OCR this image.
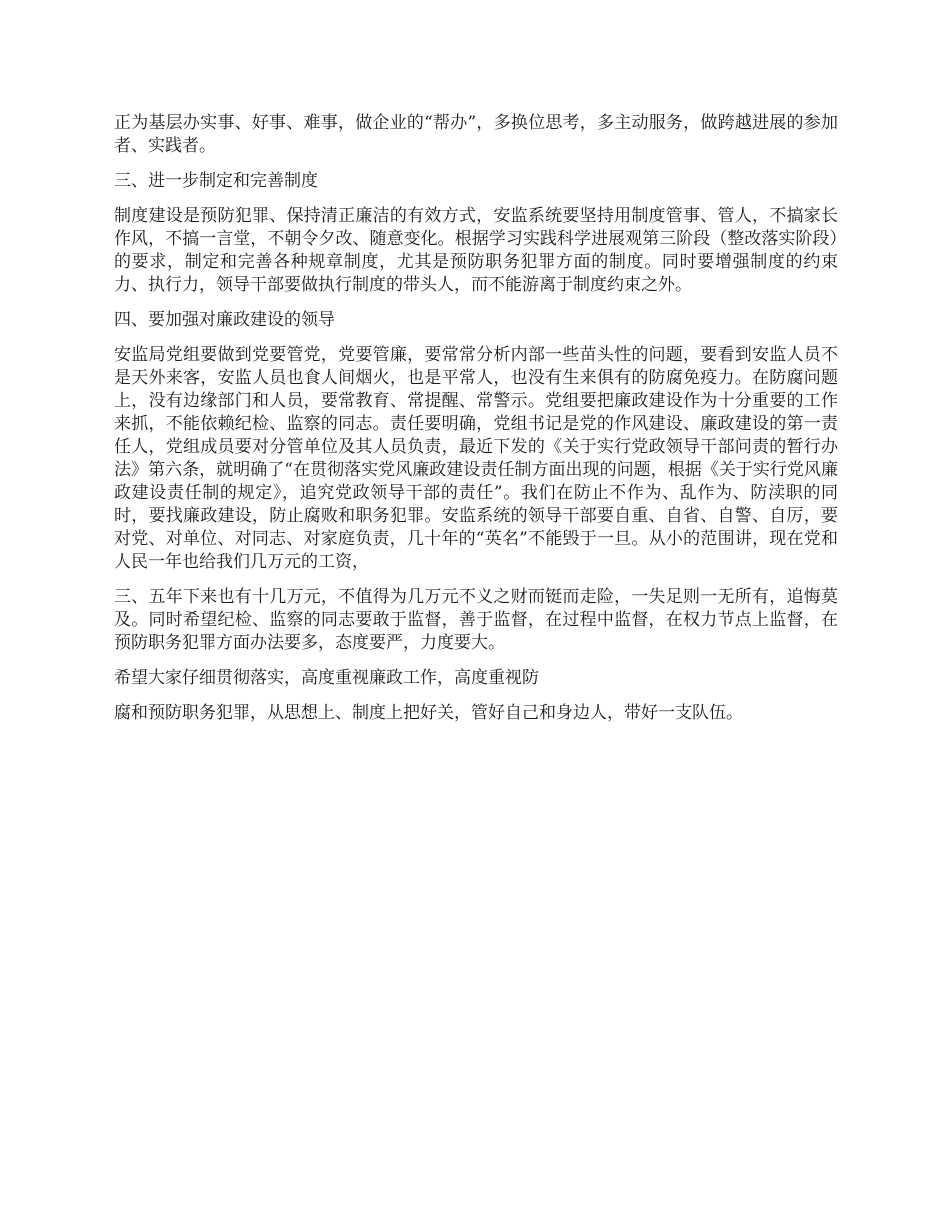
正为基层办实事、好事、难事，做企业的“帮办”，多换位思考，多主动服务，做跨越进展的参加者、实践者。

三、进一步制定和完善制度

制度建设是预防犯罪、保持清正廉洁的有效方式，安监系统要坚持用制度管事、管人，不搞家长作风，不搞一言堂，不朝令夕改、随意变化。根据学习实践科学进展观第三阶段（整改落实阶段）的要求，制定和完善各种规章制度，尤其是预防职务犯罪方面的制度。同时要增强制度的约束力、执行力，领导干部要做执行制度的带头人，而不能游离于制度约束之外。

四、要加强对廉政建设的领导

安监局党组要做到党要管党，党要管廉，要常常分析内部一些苗头性的问题，要看到安监人员不是天外来客，安监人员也食人间烟火，也是平常人，也没有生来俱有的防腐免疫力。在防腐问题上，没有边缘部门和人员，要常教育、常提醒、常警示。党组要把廉政建设作为十分重要的工作来抓，不能依赖纪检、监察的同志。责任要明确，党组书记是党的作风建设、廉政建设的第一责任人，党组成员要对分管单位及其人员负责，最近下发的《关于实行党政领导干部问责的暂行办法》第六条，就明确了“在贯彻落实党风廉政建设责任制方面出现的问题，根据《关于实行党风廉政建设责任制的规定》，追究党政领导干部的责任”。我们在防止不作为、乱作为、防渎职的同时，要找廉政建设，防止腐败和职务犯罪。安监系统的领导干部要自重、自省、自警、自厉，要对党、对单位、对同志、对家庭负责，几十年的“英名”不能毁于一旦。从小的范围讲，现在党和人民一年也给我们几万元的工资，

三、五年下来也有十几万元，不值得为几万元不义之财而铤而走险，一失足则一无所有，追悔莫及。同时希望纪检、监察的同志要敢于监督，善于监督，在过程中监督，在权力节点上监督，在预防职务犯罪方面办法要多，态度要严，力度要大。

希望大家仔细贯彻落实，高度重视廉政工作，高度重视防

腐和预防职务犯罪，从思想上、制度上把好关，管好自己和身边人，带好一支队伍。
